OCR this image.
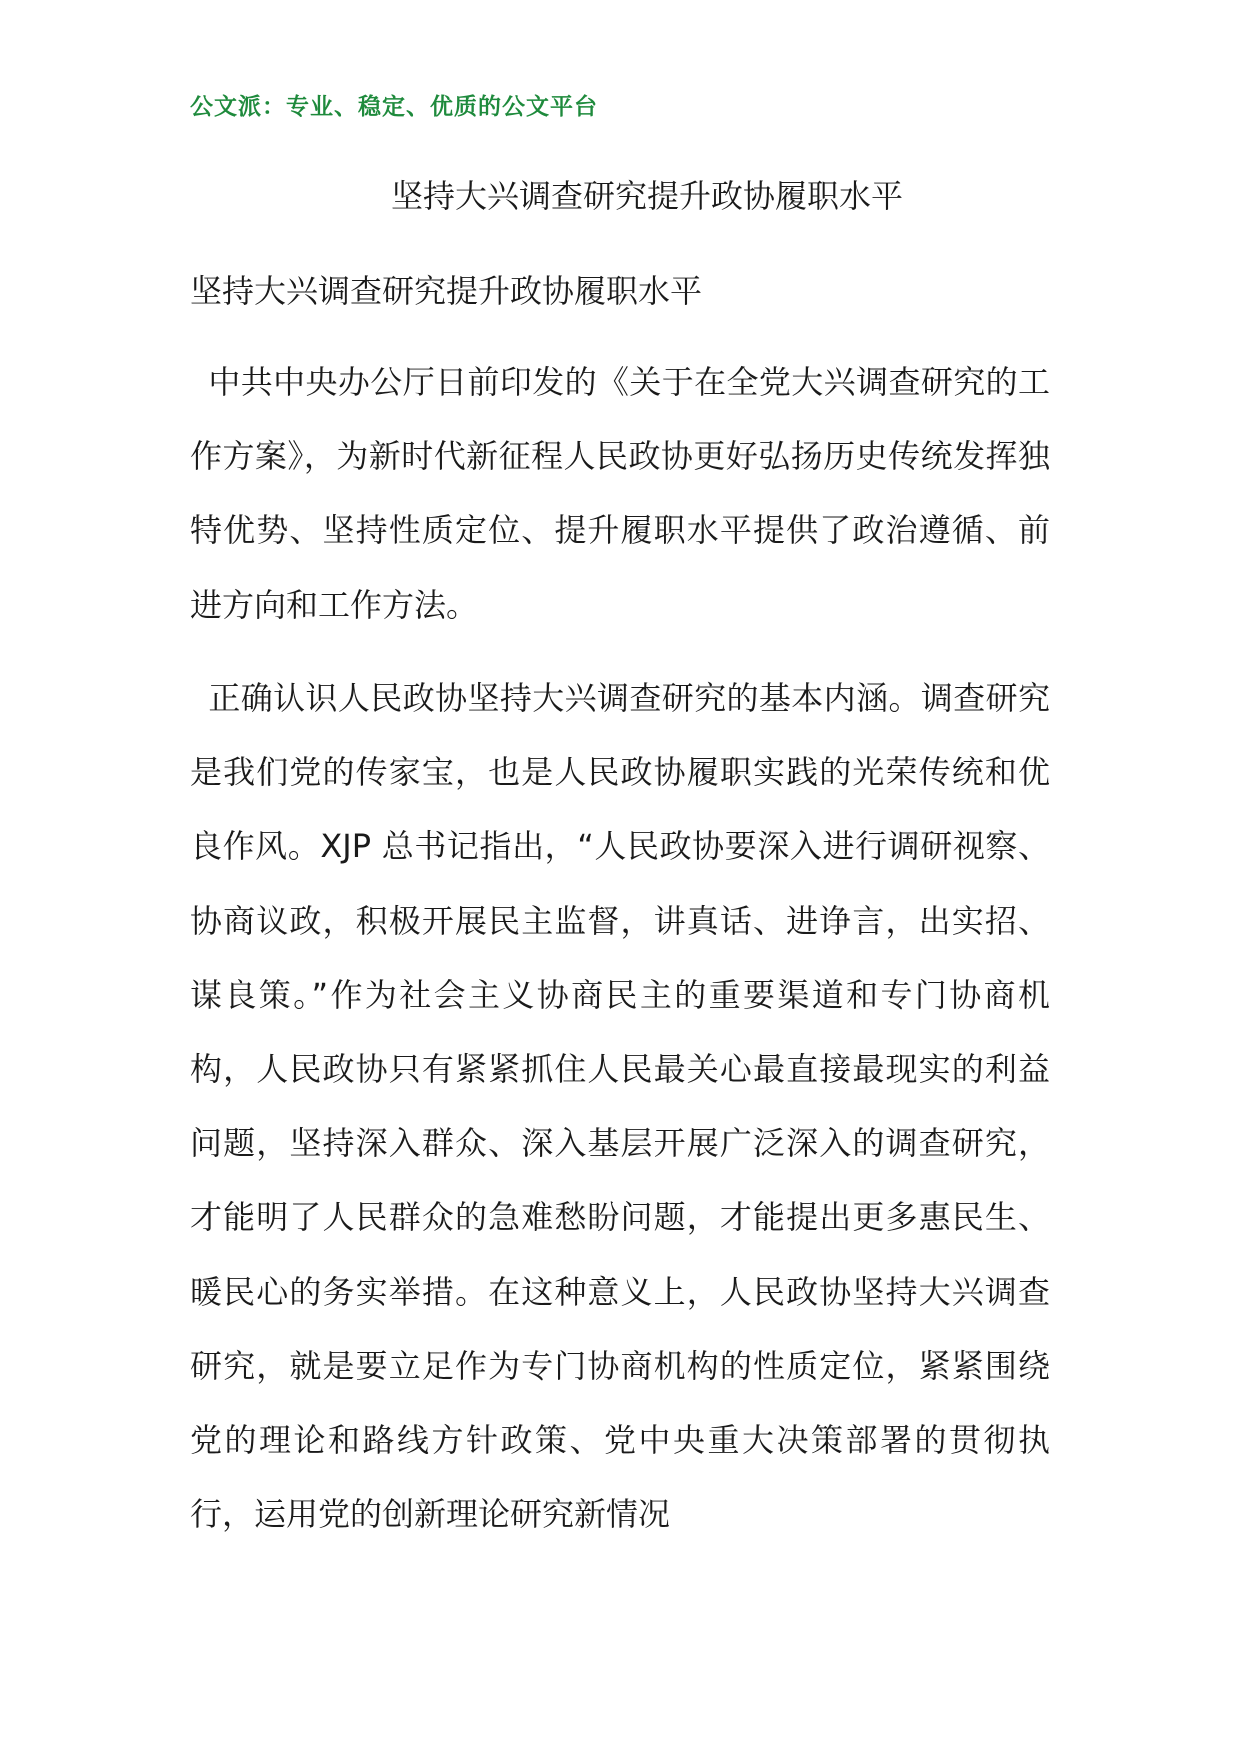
公文派：专业、稳定、优质的公文平台
坚持大兴调查研究提升政协履职水平
坚持大兴调查研究提升政协履职水平
中共中央办公厅日前印发的《关于在全党大兴调查研究的工作方案》，为新时代新征程人民政协更好弘扬历史传统发挥独特优势、坚持性质定位、提升履职水平提供了政治遵循、前进方向和工作方法。
正确认识人民政协坚持大兴调查研究的基本内涵。调查研究是我们党的传家宝，也是人民政协履职实践的光荣传统和优良作风。XJP 总书记指出，“人民政协要深入进行调研视察、协商议政，积极开展民主监督，讲真话、进诤言，出实招、谋良策。”作为社会主义协商民主的重要渠道和专门协商机构，人民政协只有紧紧抓住人民最关心最直接最现实的利益问题，坚持深入群众、深入基层开展广泛深入的调查研究，才能明了人民群众的急难愁盼问题，才能提出更多惠民生、暖民心的务实举措。在这种意义上，人民政协坚持大兴调查研究，就是要立足作为专门协商机构的性质定位，紧紧围绕党的理论和路线方针政策、党中央重大决策部署的贯彻执行，运用党的创新理论研究新情况
